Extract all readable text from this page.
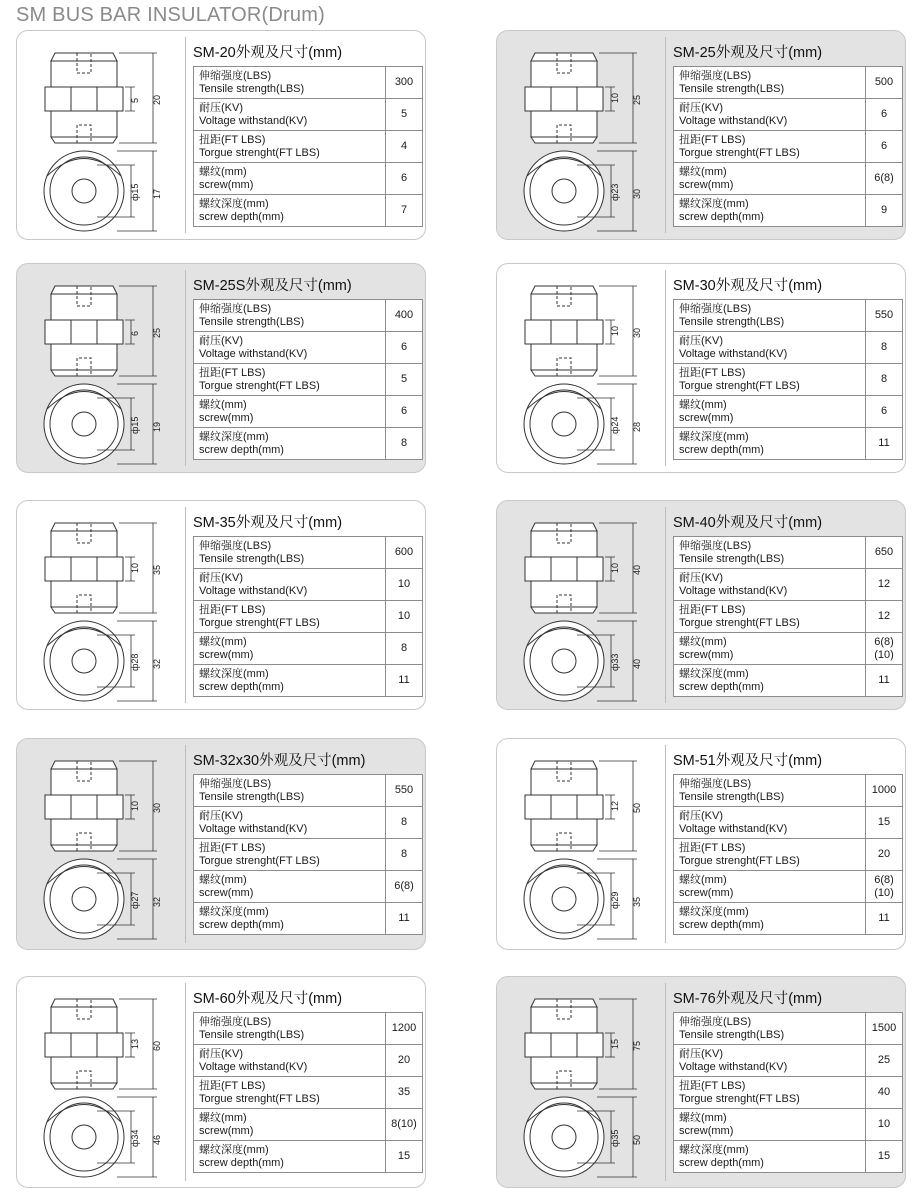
SM BUS BAR INSULATOR(Drum)
5 20
ф15 17
SM-20外观及尺寸(mm)
伸缩强度(LBS)
Tensile strength(LBS)	300

耐压(KV)
Voltage withstand(KV)	5

扭距(FT LBS)
Torgue strenght(FT LBS)	4

螺纹(mm)
screw(mm)	6

螺纹深度(mm)
screw depth(mm)	7
10 25
ф23 30
SM-25外观及尺寸(mm)
伸缩强度(LBS)
Tensile strength(LBS)	500

耐压(KV)
Voltage withstand(KV)	6

扭距(FT LBS)
Torgue strenght(FT LBS)	6

螺纹(mm)
screw(mm)	6(8)

螺纹深度(mm)
screw depth(mm)	9
6 25
ф15 19
SM-25S外观及尺寸(mm)
伸缩强度(LBS)
Tensile strength(LBS)	400

耐压(KV)
Voltage withstand(KV)	6

扭距(FT LBS)
Torgue strenght(FT LBS)	5

螺纹(mm)
screw(mm)	6

螺纹深度(mm)
screw depth(mm)	8
10 30
ф24 28
SM-30外观及尺寸(mm)
伸缩强度(LBS)
Tensile strength(LBS)	550

耐压(KV)
Voltage withstand(KV)	8

扭距(FT LBS)
Torgue strenght(FT LBS)	8

螺纹(mm)
screw(mm)	6

螺纹深度(mm)
screw depth(mm)	11
10 35
ф28 32
SM-35外观及尺寸(mm)
伸缩强度(LBS)
Tensile strength(LBS)	600

耐压(KV)
Voltage withstand(KV)	10

扭距(FT LBS)
Torgue strenght(FT LBS)	10

螺纹(mm)
screw(mm)	8

螺纹深度(mm)
screw depth(mm)	11
10 40
ф33 40
SM-40外观及尺寸(mm)
伸缩强度(LBS)
Tensile strength(LBS)	650

耐压(KV)
Voltage withstand(KV)	12

扭距(FT LBS)
Torgue strenght(FT LBS)	12

螺纹(mm)
screw(mm)	6(8)(10)

螺纹深度(mm)
screw depth(mm)	11
10 30
ф27 32
SM-32x30外观及尺寸(mm)
伸缩强度(LBS)
Tensile strength(LBS)	550

耐压(KV)
Voltage withstand(KV)	8

扭距(FT LBS)
Torgue strenght(FT LBS)	8

螺纹(mm)
screw(mm)	6(8)

螺纹深度(mm)
screw depth(mm)	11
12 50
ф29 35
SM-51外观及尺寸(mm)
伸缩强度(LBS)
Tensile strength(LBS)	1000

耐压(KV)
Voltage withstand(KV)	15

扭距(FT LBS)
Torgue strenght(FT LBS)	20

螺纹(mm)
screw(mm)	6(8)(10)

螺纹深度(mm)
screw depth(mm)	11
13 60
ф34 46
SM-60外观及尺寸(mm)
伸缩强度(LBS)
Tensile strength(LBS)	1200

耐压(KV)
Voltage withstand(KV)	20

扭距(FT LBS)
Torgue strenght(FT LBS)	35

螺纹(mm)
screw(mm)	8(10)

螺纹深度(mm)
screw depth(mm)	15
15 75
ф35 50
SM-76外观及尺寸(mm)
伸缩强度(LBS)
Tensile strength(LBS)	1500

耐压(KV)
Voltage withstand(KV)	25

扭距(FT LBS)
Torgue strenght(FT LBS)	40

螺纹(mm)
screw(mm)	10

螺纹深度(mm)
screw depth(mm)	15
